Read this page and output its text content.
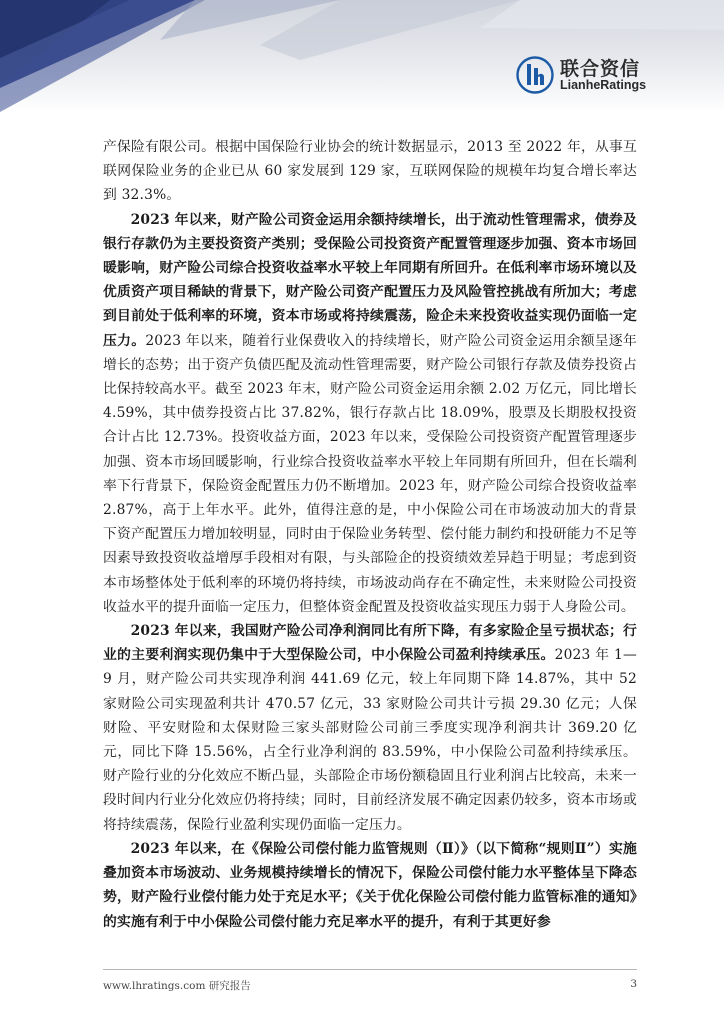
联合资信
LianheRatings

产保险有限公司。根据中国保险行业协会的统计数据显示，2013 至 2022 年，从事互联网保险业务的企业已从 60 家发展到 129 家，互联网保险的规模年均复合增长率达到 32.3%。

2023 年以来，财产险公司资金运用余额持续增长，出于流动性管理需求，债券及银行存款仍为主要投资资产类别；受保险公司投资资产配置管理逐步加强、资本市场回暖影响，财产险公司综合投资收益率水平较上年同期有所回升。在低利率市场环境以及优质资产项目稀缺的背景下，财产险公司资产配置压力及风险管控挑战有所加大；考虑到目前处于低利率的环境，资本市场或将持续震荡，险企未来投资收益实现仍面临一定压力。2023 年以来，随着行业保费收入的持续增长，财产险公司资金运用余额呈逐年增长的态势；出于资产负债匹配及流动性管理需要，财产险公司银行存款及债券投资占比保持较高水平。截至 2023 年末，财产险公司资金运用余额 2.02 万亿元，同比增长 4.59%，其中债券投资占比 37.82%，银行存款占比 18.09%，股票及长期股权投资合计占比 12.73%。投资收益方面，2023 年以来，受保险公司投资资产配置管理逐步加强、资本市场回暖影响，行业综合投资收益率水平较上年同期有所回升，但在长端利率下行背景下，保险资金配置压力仍不断增加。2023 年，财产险公司综合投资收益率 2.87%，高于上年水平。此外，值得注意的是，中小保险公司在市场波动加大的背景下资产配置压力增加较明显，同时由于保险业务转型、偿付能力制约和投研能力不足等因素导致投资收益增厚手段相对有限，与头部险企的投资绩效差异趋于明显；考虑到资本市场整体处于低利率的环境仍将持续，市场波动尚存在不确定性，未来财险公司投资收益水平的提升面临一定压力，但整体资金配置及投资收益实现压力弱于人身险公司。

2023 年以来，我国财产险公司净利润同比有所下降，有多家险企呈亏损状态；行业的主要利润实现仍集中于大型保险公司，中小保险公司盈利持续承压。2023 年 1—9 月，财产险公司共实现净利润 441.69 亿元，较上年同期下降 14.87%，其中 52 家财险公司实现盈利共计 470.57 亿元，33 家财险公司共计亏损 29.30 亿元；人保财险、平安财险和太保财险三家头部财险公司前三季度实现净利润共计 369.20 亿元，同比下降 15.56%，占全行业净利润的 83.59%，中小保险公司盈利持续承压。财产险行业的分化效应不断凸显，头部险企市场份额稳固且行业利润占比较高，未来一段时间内行业分化效应仍将持续；同时，目前经济发展不确定因素仍较多，资本市场或将持续震荡，保险行业盈利实现仍面临一定压力。

2023 年以来，在《保险公司偿付能力监管规则（Ⅱ）》（以下简称“规则Ⅱ”）实施叠加资本市场波动、业务规模持续增长的情况下，保险公司偿付能力水平整体呈下降态势，财产险行业偿付能力处于充足水平；《关于优化保险公司偿付能力监管标准的通知》的实施有利于中小保险公司偿付能力充足率水平的提升，有利于其更好参

www.lhratings.com 研究报告	3
